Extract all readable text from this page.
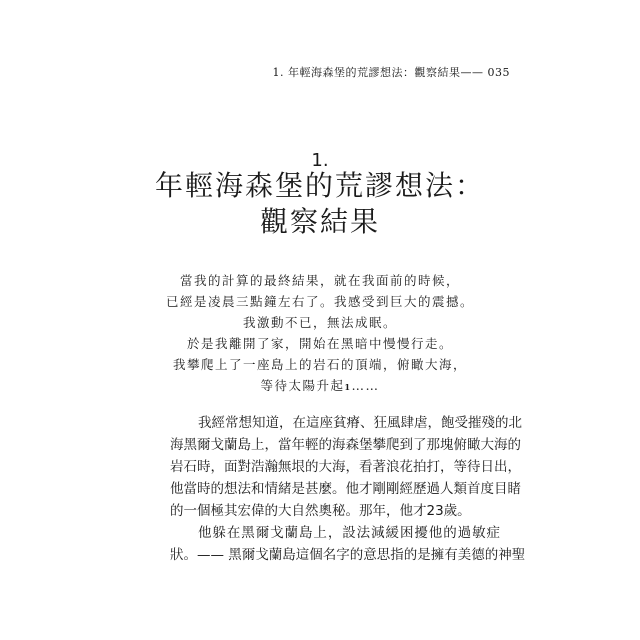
1. 年輕海森堡的荒謬想法：觀察結果—— 035
1.
年輕海森堡的荒謬想法：
觀察結果
當我的計算的最終結果，就在我面前的時候，
已經是凌晨三點鐘左右了。我感受到巨大的震撼。
我激動不已，無法成眠。
於是我離開了家，開始在黑暗中慢慢行走。
我攀爬上了一座島上的岩石的頂端，俯瞰大海，
等待太陽升起1……
我經常想知道，在這座貧瘠、狂風肆虐，飽受摧殘的北
海黑爾戈蘭島上，當年輕的海森堡攀爬到了那塊俯瞰大海的
岩石時，面對浩瀚無垠的大海，看著浪花拍打，等待日出，
他當時的想法和情緒是甚麼。他才剛剛經歷過人類首度目睹
的一個極其宏偉的大自然奧秘。那年，他才23歲。
他躲在黑爾戈蘭島上，設法減緩困擾他的過敏症
狀。—— 黑爾戈蘭島這個名字的意思指的是擁有美德的神聖
